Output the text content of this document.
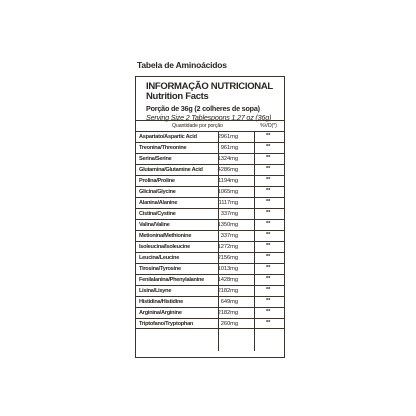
Tabela de Aminoácidos
INFORMAÇÃO NUTRICIONAL
Nutrition Facts
Porção de 36g (2 colheres de sopa)
Serving Size 2 Tablespoons 1,27 oz (36g)
Quantidade por porção	%VD(*)
Aspartato/Aspartic Acid	2961mg	**
Treonina/Threonine	961mg	**
Serina/Serine	1324mg	**
Glutamina/Glutamine Acid	4286mg	**
Prolina/Proline	1194mg	**
Glicina/Glycine	1065mg	**
Alanina/Alanine	1117mg	**
Cistina/Cystine	337mg	**
Valina/Valine	1350mg	**
Metionina/Methionine	337mg	**
Isoleucina/Isoleucine	1272mg	**
Leucina/Leucine	2156mg	**
Tirosina/Tyrosine	1013mg	**
Fenilalanina/Phenylalanine 1428mg	**
Lisina/Lisyne	2182mg	**
Histidina/Histidine	649mg	**
Arginina/Arginine	2182mg	**
Triptofano/Tryptophan	260mg	**
